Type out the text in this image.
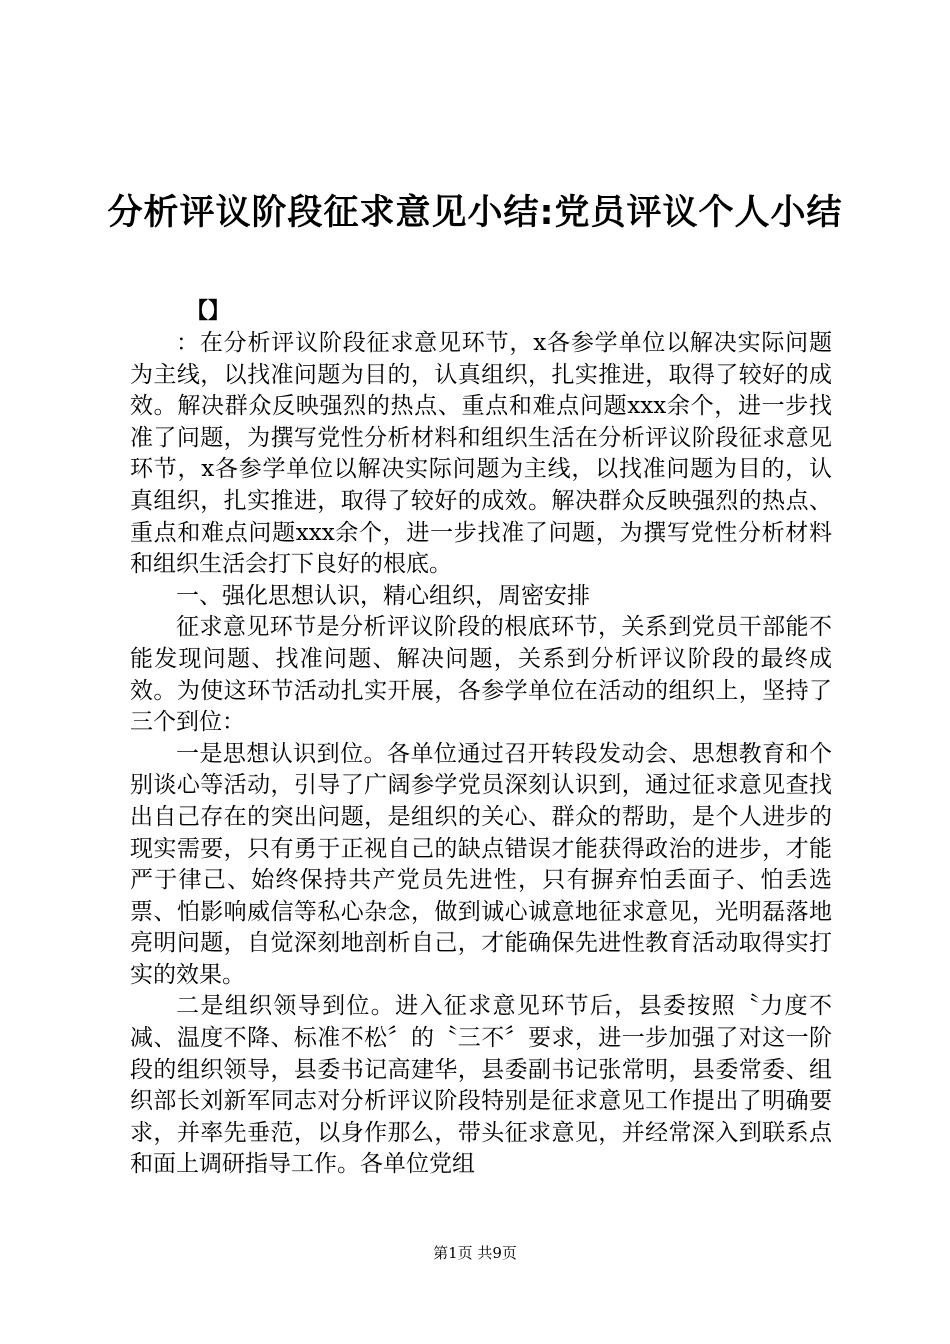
分析评议阶段征求意见小结:党员评议个人小结
【】

：在分析评议阶段征求意见环节，x各参学单位以解决实际问题为主线，以找准问题为目的，认真组织，扎实推进，取得了较好的成效。解决群众反映强烈的热点、重点和难点问题xxx余个，进一步找准了问题，为撰写党性分析材料和组织生活在分析评议阶段征求意见环节，x各参学单位以解决实际问题为主线，以找准问题为目的，认真组织，扎实推进，取得了较好的成效。解决群众反映强烈的热点、重点和难点问题xxx余个，进一步找准了问题，为撰写党性分析材料和组织生活会打下良好的根底。

一、强化思想认识，精心组织，周密安排

征求意见环节是分析评议阶段的根底环节，关系到党员干部能不能发现问题、找准问题、解决问题，关系到分析评议阶段的最终成效。为使这环节活动扎实开展，各参学单位在活动的组织上，坚持了三个到位：

一是思想认识到位。各单位通过召开转段发动会、思想教育和个别谈心等活动，引导了广阔参学党员深刻认识到，通过征求意见查找出自己存在的突出问题，是组织的关心、群众的帮助，是个人进步的现实需要，只有勇于正视自己的缺点错误才能获得政治的进步，才能严于律己、始终保持共产党员先进性，只有摒弃怕丢面子、怕丢选票、怕影响威信等私心杂念，做到诚心诚意地征求意见，光明磊落地亮明问题，自觉深刻地剖析自己，才能确保先进性教育活动取得实打实的效果。

二是组织领导到位。进入征求意见环节后，县委按照〝力度不减、温度不降、标准不松〞的〝三不〞要求，进一步加强了对这一阶段的组织领导，县委书记高建华，县委副书记张常明，县委常委、组织部长刘新军同志对分析评议阶段特别是征求意见工作提出了明确要求，并率先垂范，以身作那么，带头征求意见，并经常深入到联系点和面上调研指导工作。各单位党组

第1页 共9页
